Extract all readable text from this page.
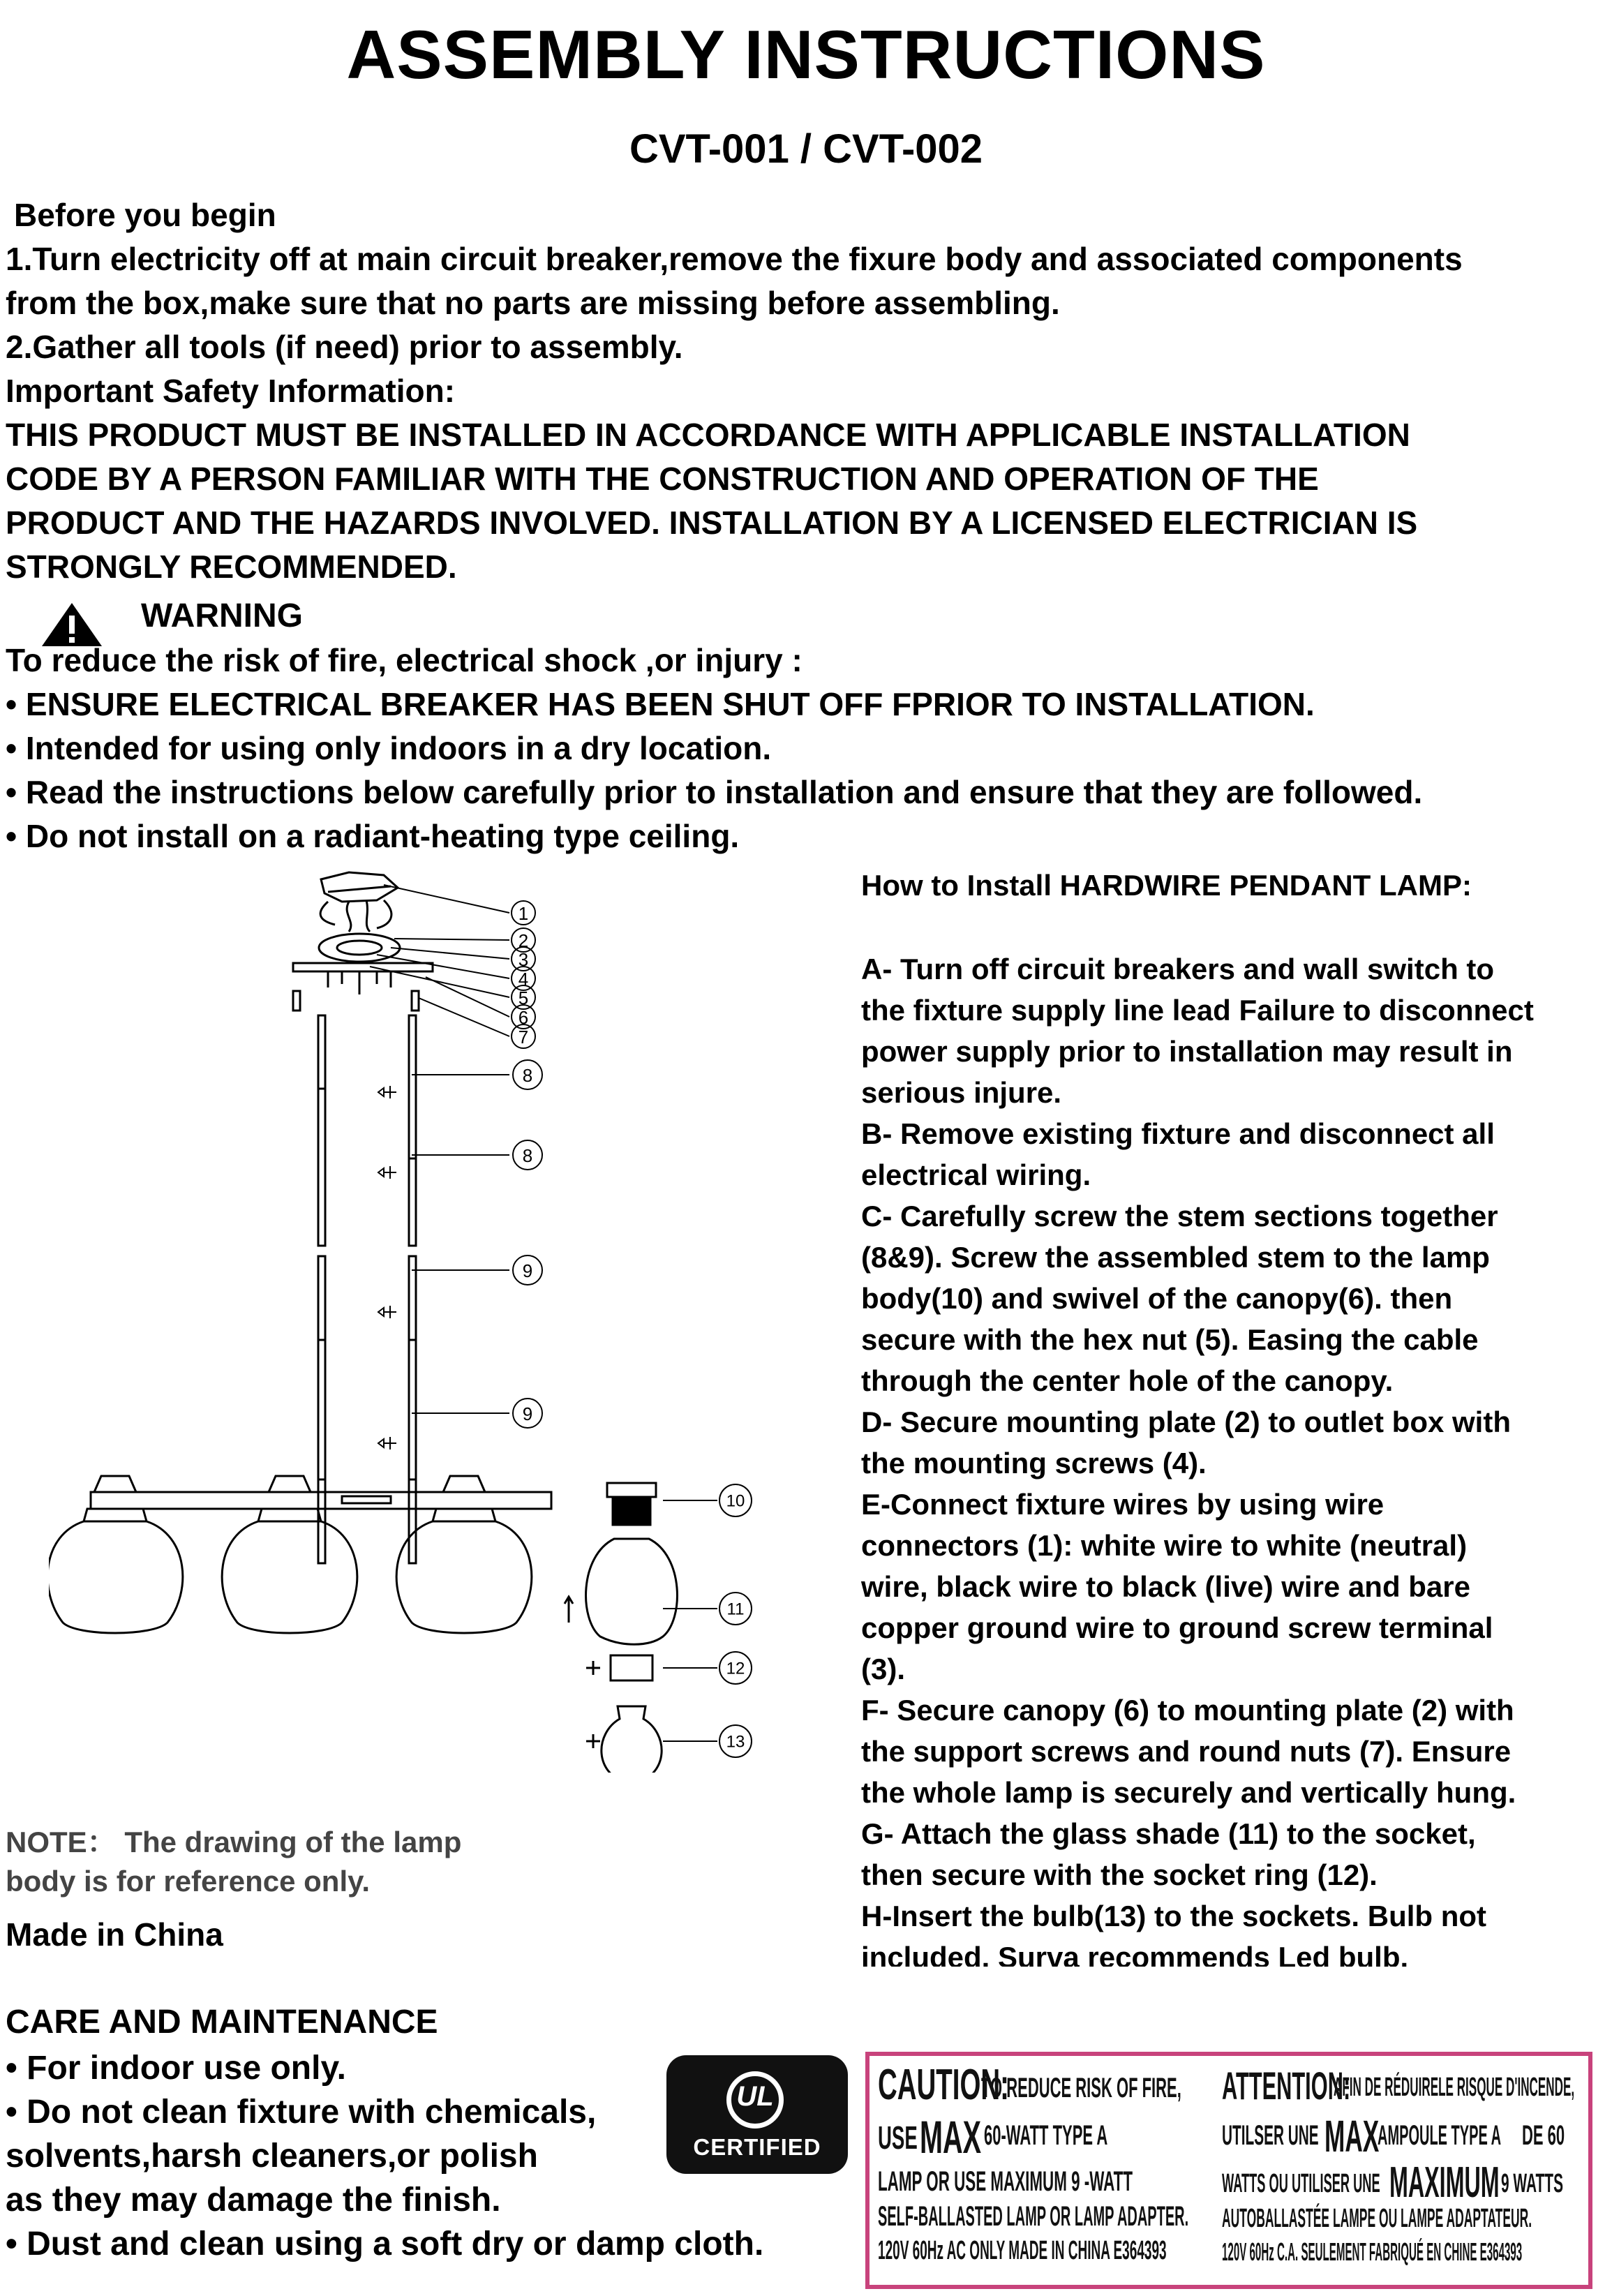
ASSEMBLY INSTRUCTIONS
CVT-001 / CVT-002
Before you begin
1.Turn electricity off at main circuit breaker,remove the fixure body and associated components
from the box,make sure that no parts are missing before assembling.
2.Gather all tools (if need) prior to assembly.
Important Safety Information:
THIS PRODUCT MUST BE INSTALLED IN ACCORDANCE WITH APPLICABLE INSTALLATION
CODE BY A PERSON FAMILIAR WITH THE CONSTRUCTION AND OPERATION OF THE
PRODUCT AND THE HAZARDS INVOLVED. INSTALLATION BY A LICENSED ELECTRICIAN IS
STRONGLY RECOMMENDED.
WARNING
To reduce the risk of fire, electrical shock ,or injury :
• ENSURE ELECTRICAL BREAKER HAS BEEN SHUT OFF FPRIOR TO INSTALLATION.
• Intended for using only indoors in a dry location.
• Read the instructions below carefully prior to installation and ensure that they are followed.
• Do not install on a radiant-heating type ceiling.
How to Install HARDWIRE PENDANT LAMP:
A- Turn off circuit breakers and wall switch to
the fixture supply line lead Failure to disconnect
power supply prior to installation may result in
serious injure.
B- Remove existing fixture and disconnect all
electrical wiring.
C- Carefully screw the stem sections together
(8&9). Screw the assembled stem to the lamp
body(10) and swivel of the canopy(6). then
secure with the hex nut (5). Easing the cable
through the center hole of the canopy.
D- Secure mounting plate (2) to outlet box with
the mounting screws (4).
E-Connect fixture wires by using wire
connectors (1): white wire to white (neutral)
wire, black wire to black (live) wire and bare
copper ground wire to ground screw terminal
(3).
F- Secure canopy (6) to mounting plate (2) with
the support screws and round nuts (7). Ensure
the whole lamp is securely and vertically hung.
G- Attach the glass shade (11) to the socket,
then secure with the socket ring (12).
H-Insert the bulb(13) to the sockets. Bulb not
included. Surva recommends Led bulb.
1
2
3
4
5
6
7
8
8
9
9
10
11
12
13
NOTE： The drawing of the lamp
body is for reference only.
Made in China
CARE AND MAINTENANCE
• For indoor use only.
• Do not clean fixture with chemicals,
solvents,harsh cleaners,or polish
as they may damage the finish.
• Dust and clean using a soft dry or damp cloth.
UL
CERTIFIED
CAUTION:
TO REDUCE RISK OF FIRE,
USE MAX 60-WATT TYPE A
LAMP OR USE MAXIMUM 9 -WATT
SELF-BALLASTED LAMP OR LAMP ADAPTER.
120V 60Hz AC ONLY MADE IN CHINA E364393
ATTENTION:
AFIN DE RÉDUIRELE RISQUE D'INCENDE,
UTILSER UNE MAX
AMPOULE TYPE A DE 60
WATTS OU UTILISER UNE MAXIMUM 9 WATTS
AUTOBALLASTÉE LAMPE OU LAMPE ADAPTATEUR.
120V 60Hz C.A. SEULEMENT FABRIQUÉ EN CHINE E364393
